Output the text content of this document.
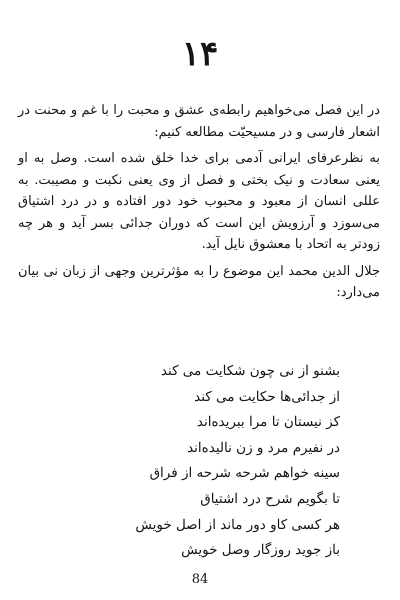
۱۴

در این فصل می‌خواهیم رابطه‌ی عشق و محبت را با غم و محنت در اشعار فارسی و در مسیحیّت مطالعه کنیم:

به نظرعرفای ایرانی آدمی برای خدا خلق شده است. وصل به او یعنی سعادت و نیک بختی و فصل از وی یعنی نکبت و مصیبت. به عللی انسان از معبود و محبوب خود دور افتاده و در درد اشتیاق می‌سوزد و آرزویش این است که دوران جدائی بسر آید و هر چه زودتر به اتحاد با معشوق نایل آید.

جلال الدین محمد این موضوع را به مؤثرترین وجهی از زبان نی بیان می‌دارد:

بشنو از نی چون شکایت می کند
از جدائی‌ها حکایت می کند
کز نیستان تا مرا ببریده‌اند
در نفیرم مرد و زن نالیده‌اند
سینه خواهم شرحه شرحه از فراق
تا بگویم شرح درد اشتیاق
هر کسی کاو دور ماند از اصل خویش
باز جوید روزگار وصل خویش
84
